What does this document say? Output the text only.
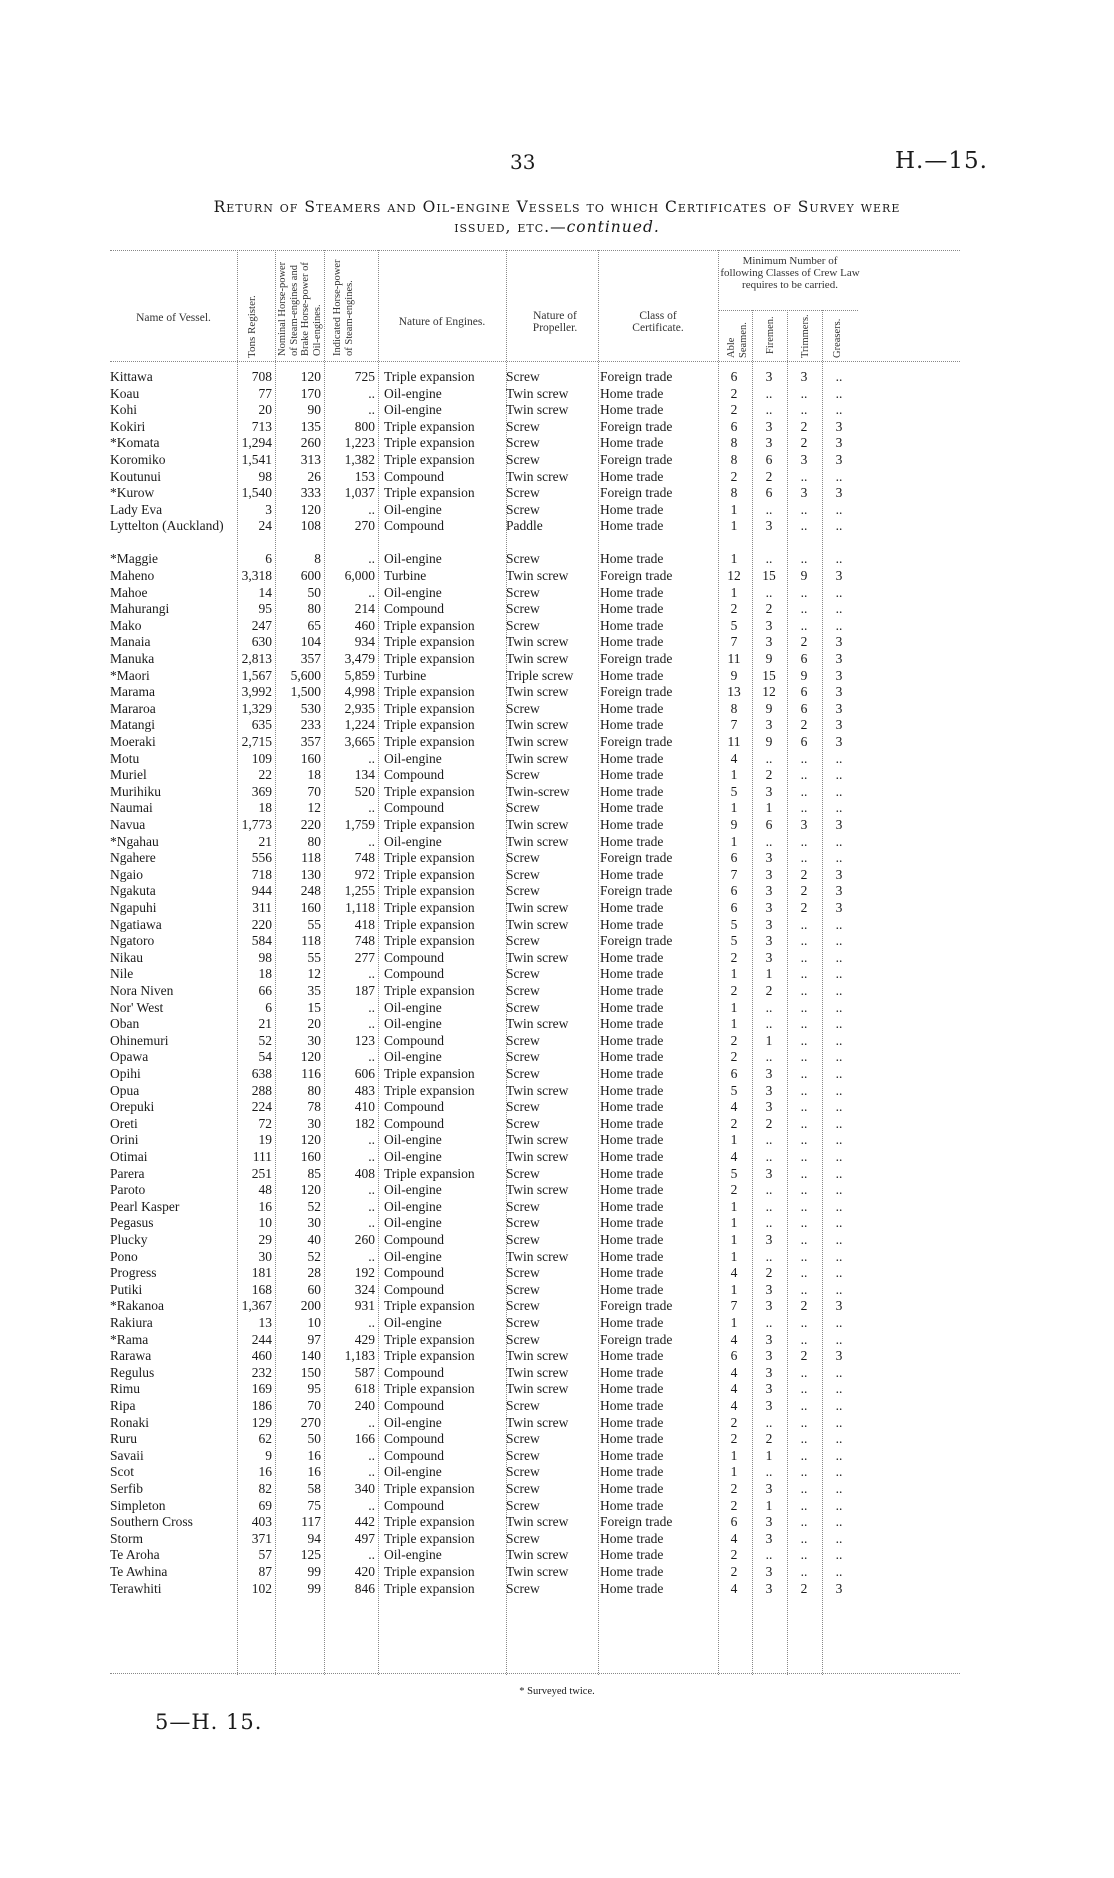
33	H.—15.
Return of Steamers and Oil-engine Vessels to which Certificates of Survey were
issued, etc.—continued.
Name of Vessel.	Tons Register. Nominal Horse-power of Steam-engines and Brake Horse-power of Oil-engines. Indicated Horse-power of Steam-engines.	Nature of Engines.	Nature of Propeller.
Class of Certificate.
Minimum Number of following Classes of Crew Law requires to be carried.
Able Seamen. Firemen. Trimmers. Greasers.
Kittawa	708	120	725 Triple expansion	Screw	Foreign trade	6	3	3	..
Koau	77	170	.. Oil-engine	Twin screw	Home trade	2	..	..	..
Kohi	20	90	.. Oil-engine	Twin screw	Home trade	2	..	..	..
Kokiri	713	135	800 Triple expansion	Screw	Foreign trade	6	3	2	3
*Komata	1,294	260	1,223 Triple expansion	Screw	Home trade	8	3	2	3
Koromiko	1,541	313	1,382 Triple expansion	Screw	Foreign trade	8	6	3	3
Koutunui	98	26	153 Compound	Twin screw	Home trade	2	2	..	..
*Kurow	1,540	333	1,037 Triple expansion	Screw	Foreign trade	8	6	3	3
Lady Eva	3	120	.. Oil-engine	Screw	Home trade	1	..	..	..
Lyttelton (Auckland)	24	108	270 Compound	Paddle	Home trade	1	3	..	..
*Maggie	6	8	.. Oil-engine	Screw	Home trade	1	..	..	..
Maheno	3,318	600	6,000 Turbine	Twin screw	Foreign trade	12	15	9	3
Mahoe	14	50	.. Oil-engine	Screw	Home trade	1	..	..	..
Mahurangi	95	80	214 Compound	Screw	Home trade	2	2	..	..
Mako	247	65	460 Triple expansion	Screw	Home trade	5	3	..	..
Manaia	630	104	934 Triple expansion	Twin screw	Home trade	7	3	2	3
Manuka	2,813	357	3,479 Triple expansion	Twin screw	Foreign trade	11	9	6	3
*Maori	1,567	5,600	5,859 Turbine	Triple screw	Home trade	9	15	9	3
Marama	3,992	1,500	4,998 Triple expansion	Twin screw	Foreign trade	13	12	6	3
Mararoa	1,329	530	2,935 Triple expansion	Screw	Home trade	8	9	6	3
Matangi	635	233	1,224 Triple expansion	Twin screw	Home trade	7	3	2	3
Moeraki	2,715	357	3,665 Triple expansion	Twin screw	Foreign trade	11	9	6	3
Motu	109	160	.. Oil-engine	Twin screw	Home trade	4	..	..	..
Muriel	22	18	134 Compound	Screw	Home trade	1	2	..	..
Murihiku	369	70	520 Triple expansion	Twin-screw	Home trade	5	3	..	..
Naumai	18	12	.. Compound	Screw	Home trade	1	1	..	..
Navua	1,773	220	1,759 Triple expansion	Twin screw	Home trade	9	6	3	3
*Ngahau	21	80	.. Oil-engine	Twin screw	Home trade	1	..	..	..
Ngahere	556	118	748 Triple expansion	Screw	Foreign trade	6	3	..	..
Ngaio	718	130	972 Triple expansion	Screw	Home trade	7	3	2	3
Ngakuta	944	248	1,255 Triple expansion	Screw	Foreign trade	6	3	2	3
Ngapuhi	311	160	1,118 Triple expansion	Twin screw	Home trade	6	3	2	3
Ngatiawa	220	55	418 Triple expansion	Twin screw	Home trade	5	3	..	..
Ngatoro	584	118	748 Triple expansion	Screw	Foreign trade	5	3	..	..
Nikau	98	55	277 Compound	Twin screw	Home trade	2	3	..	..
Nile	18	12	.. Compound	Screw	Home trade	1	1	..	..
Nora Niven	66	35	187 Triple expansion	Screw	Home trade	2	2	..	..
Nor' West	6	15	.. Oil-engine	Screw	Home trade	1	..	..	..
Oban	21	20	.. Oil-engine	Twin screw	Home trade	1	..	..	..
Ohinemuri	52	30	123 Compound	Screw	Home trade	2	1	..	..
Opawa	54	120	.. Oil-engine	Screw	Home trade	2	..	..	..
Opihi	638	116	606 Triple expansion	Screw	Home trade	6	3	..	..
Opua	288	80	483 Triple expansion	Twin screw	Home trade	5	3	..	..
Orepuki	224	78	410 Compound	Screw	Home trade	4	3	..	..
Oreti	72	30	182 Compound	Screw	Home trade	2	2	..	..
Orini	19	120	.. Oil-engine	Twin screw	Home trade	1	..	..	..
Otimai	111	160	.. Oil-engine	Twin screw	Home trade	4	..	..	..
Parera	251	85	408 Triple expansion	Screw	Home trade	5	3	..	..
Paroto	48	120	.. Oil-engine	Twin screw	Home trade	2	..	..	..
Pearl Kasper	16	52	.. Oil-engine	Screw	Home trade	1	..	..	..
Pegasus	10	30	.. Oil-engine	Screw	Home trade	1	..	..	..
Plucky	29	40	260 Compound	Screw	Home trade	1	3	..	..
Pono	30	52	.. Oil-engine	Twin screw	Home trade	1	..	..	..
Progress	181	28	192 Compound	Screw	Home trade	4	2	..	..
Putiki	168	60	324 Compound	Screw	Home trade	1	3	..	..
*Rakanoa	1,367	200	931 Triple expansion	Screw	Foreign trade	7	3	2	3
Rakiura	13	10	.. Oil-engine	Screw	Home trade	1	..	..	..
*Rama	244	97	429 Triple expansion	Screw	Foreign trade	4	3	..	..
Rarawa	460	140	1,183 Triple expansion	Twin screw	Home trade	6	3	2	3
Regulus	232	150	587 Compound	Twin screw	Home trade	4	3	..	..
Rimu	169	95	618 Triple expansion	Twin screw	Home trade	4	3	..	..
Ripa	186	70	240 Compound	Screw	Home trade	4	3	..	..
Ronaki	129	270	.. Oil-engine	Twin screw	Home trade	2	..	..	..
Ruru	62	50	166 Compound	Screw	Home trade	2	2	..	..
Savaii	9	16	.. Compound	Screw	Home trade	1	1	..	..
Scot	16	16	.. Oil-engine	Screw	Home trade	1	..	..	..
Serfib	82	58	340 Triple expansion	Screw	Home trade	2	3	..	..
Simpleton	69	75	.. Compound	Screw	Home trade	2	1	..	..
Southern Cross	403	117	442 Triple expansion	Twin screw	Foreign trade	6	3	..	..
Storm	371	94	497 Triple expansion	Screw	Home trade	4	3	..	..
Te Aroha	57	125	.. Oil-engine	Twin screw	Home trade	2	..	..	..
Te Awhina	87	99	420 Triple expansion	Twin screw	Home trade	2	3	..	..
Terawhiti	102	99	846 Triple expansion	Screw	Home trade	4	3	2	3
* Surveyed twice.
5—H. 15.
